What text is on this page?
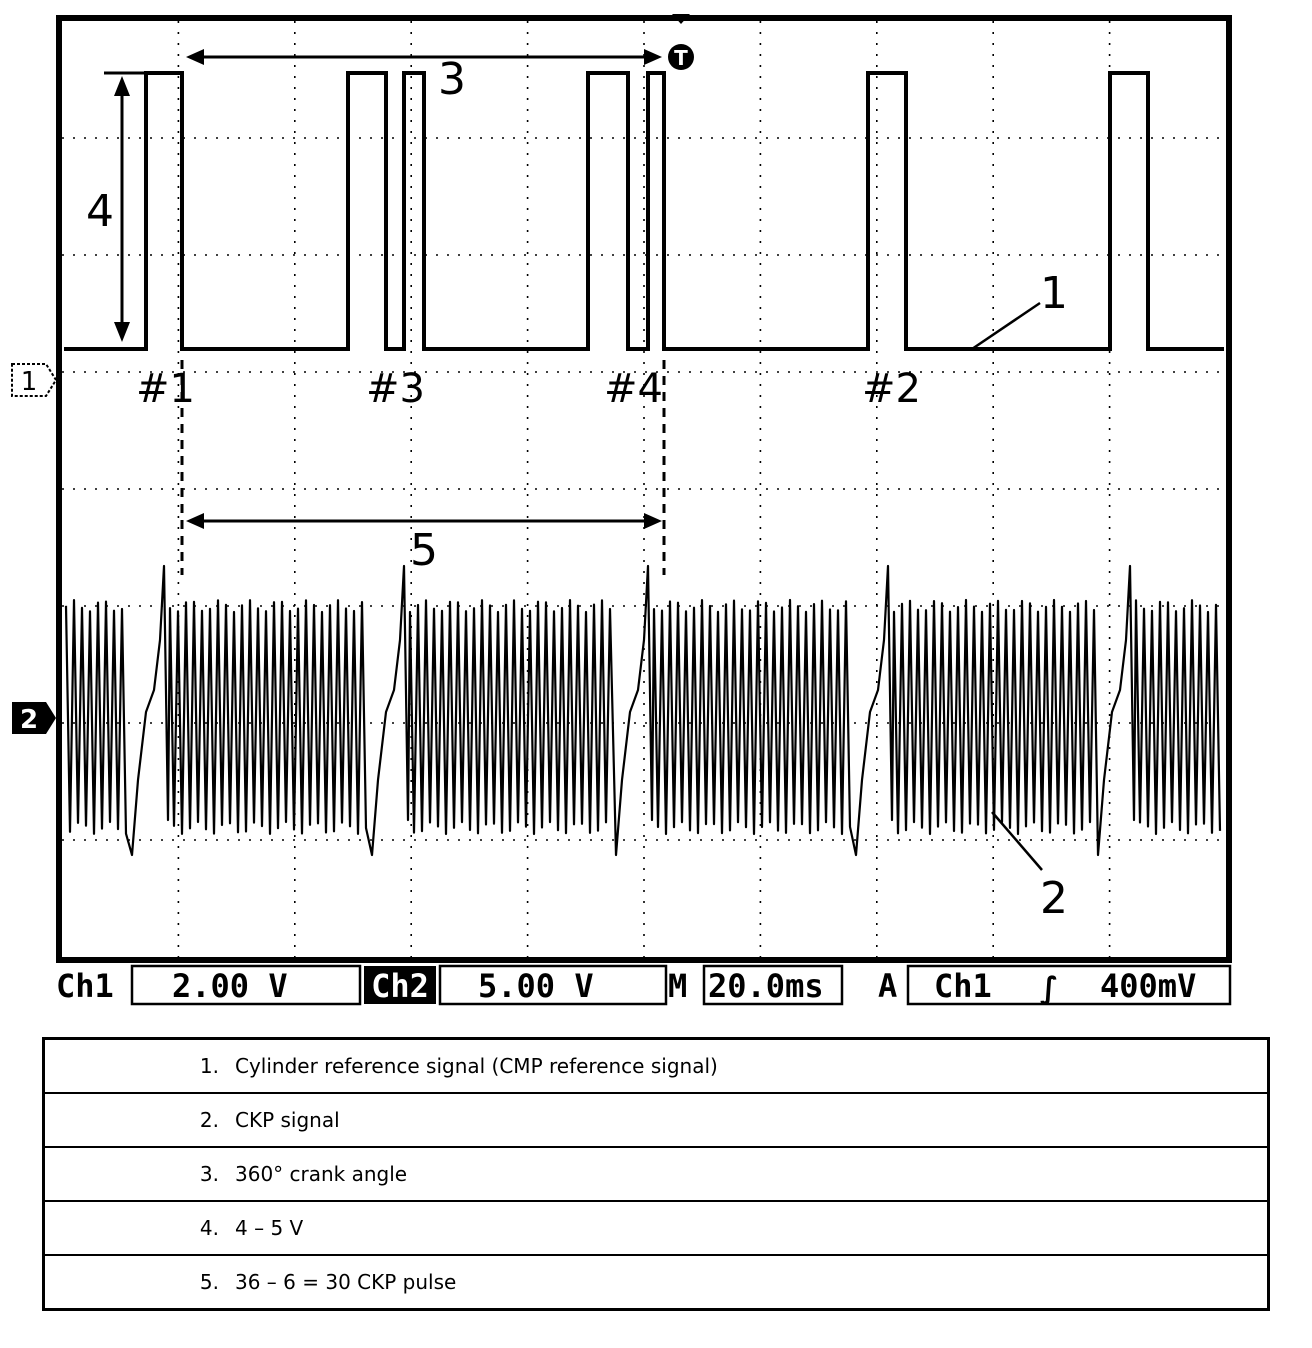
3
4
5
1
2
#1	#3	#4	#2
T
1
2
Ch1 2.00 V	Ch2 5.00 V M 20.0ms A Ch1 ∫ 400mV
1. Cylinder reference signal (CMP reference signal)
2. CKP signal
3. 360° crank angle
4. 4 – 5 V
5. 36 – 6 = 30 CKP pulse
